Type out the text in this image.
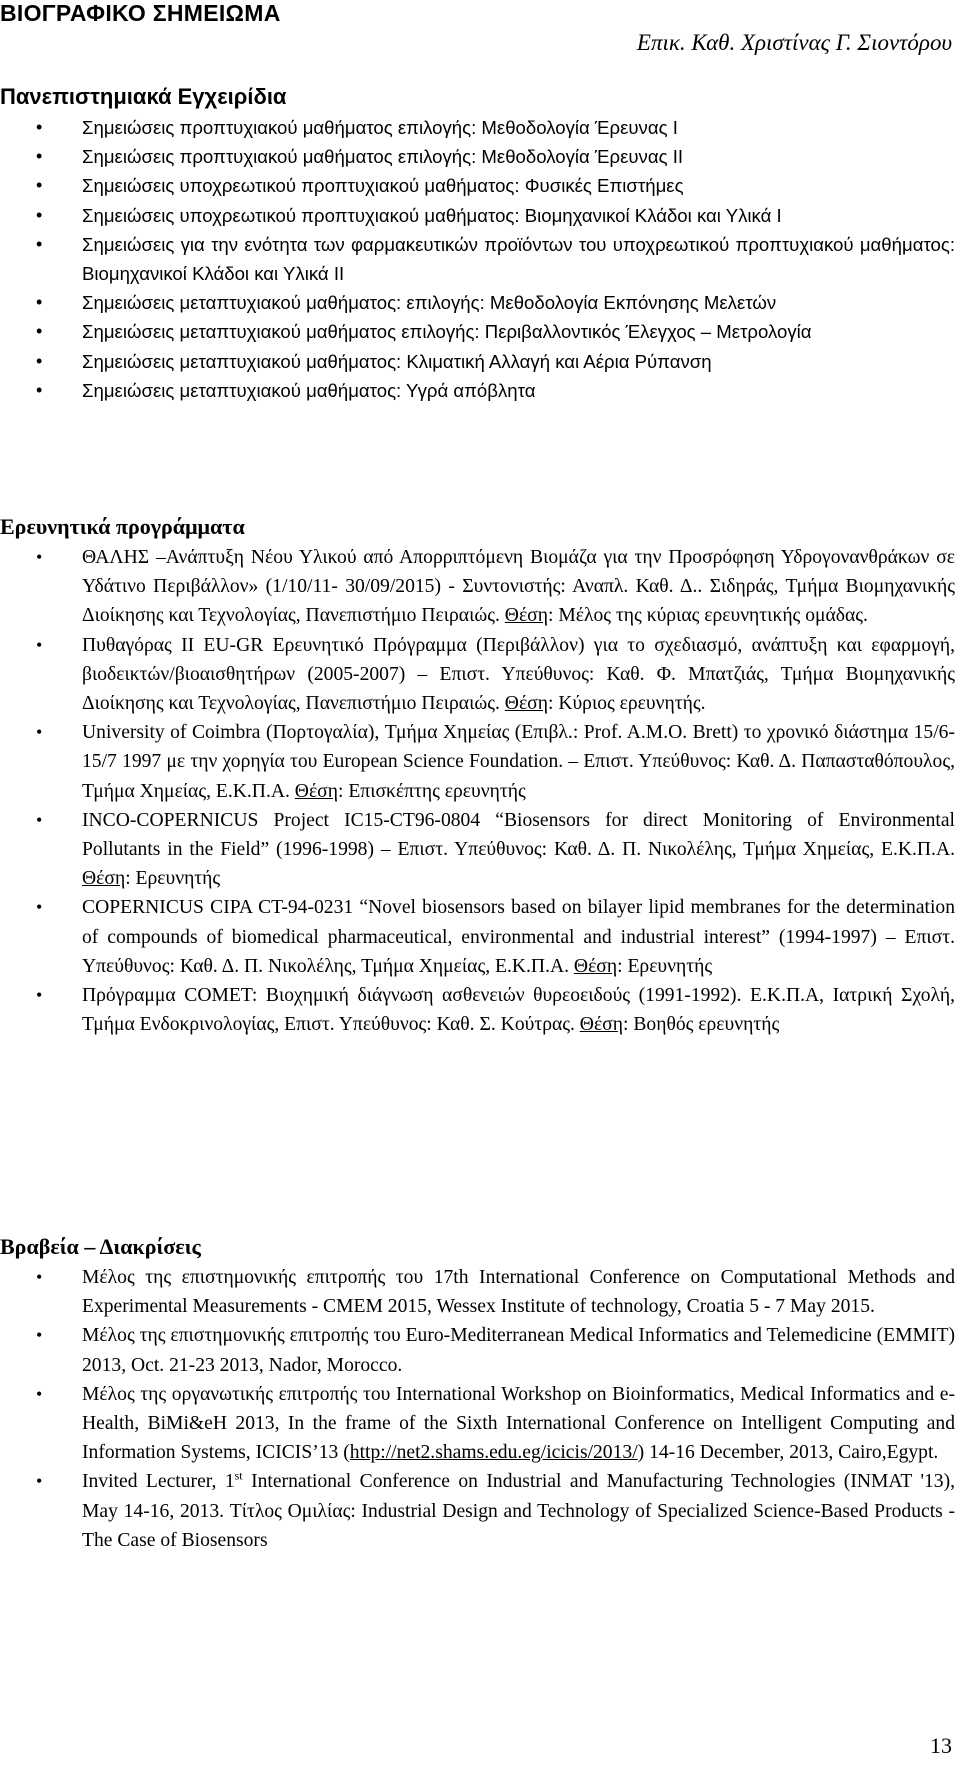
ΒΙΟΓΡΑΦΙΚΟ ΣΗΜΕΙΩΜΑ
Επικ. Καθ. Χριστίνας Γ. Σιοντόρου
Πανεπιστημιακά Εγχειρίδια
• Σημειώσεις προπτυχιακού μαθήματος επιλογής: Μεθοδολογία Έρευνας Ι
• Σημειώσεις προπτυχιακού μαθήματος επιλογής: Μεθοδολογία Έρευνας ΙΙ
• Σημειώσεις υποχρεωτικού προπτυχιακού μαθήματος: Φυσικές Επιστήμες
• Σημειώσεις υποχρεωτικού προπτυχιακού μαθήματος: Βιομηχανικοί Κλάδοι και Υλικά Ι
• Σημειώσεις για την ενότητα των φαρμακευτικών προϊόντων του υποχρεωτικού προπτυχιακού μαθήματος: Βιομηχανικοί Κλάδοι και Υλικά ΙΙ
• Σημειώσεις μεταπτυχιακού μαθήματος: επιλογής: Μεθοδολογία Εκπόνησης Μελετών
• Σημειώσεις μεταπτυχιακού μαθήματος επιλογής: Περιβαλλοντικός Έλεγχος – Μετρολογία
• Σημειώσεις μεταπτυχιακού μαθήματος: Κλιματική Αλλαγή και Αέρια Ρύπανση
• Σημειώσεις μεταπτυχιακού μαθήματος: Υγρά απόβλητα
Ερευνητικά προγράμματα
• ΘΑΛΗΣ –Ανάπτυξη Νέου Υλικού από Απορριπτόμενη Βιομάζα για την Προσρόφηση Υδρογονανθράκων σε Υδάτινο Περιβάλλον» (1/10/11- 30/09/2015) - Συντονιστής: Αναπλ. Καθ. Δ.. Σιδηράς, Τμήμα Βιομηχανικής Διοίκησης και Τεχνολογίας, Πανεπιστήμιο Πειραιώς. Θέση: Μέλος της κύριας ερευνητικής ομάδας.
• Πυθαγόρας ΙΙ EU-GR Ερευνητικό Πρόγραμμα (Περιβάλλον) για το σχεδιασμό, ανάπτυξη και εφαρμογή, βιοδεικτών/βιοαισθητήρων (2005-2007) – Επιστ. Υπεύθυνος: Καθ. Φ. Μπατζιάς, Τμήμα Βιομηχανικής Διοίκησης και Τεχνολογίας, Πανεπιστήμιο Πειραιώς. Θέση: Κύριος ερευνητής.
• University of Coimbra (Πορτογαλία), Τμήμα Χημείας (Επιβλ.: Prof. A.M.O. Brett) το χρονικό διάστημα 15/6-15/7 1997 με την χορηγία του European Science Foundation. – Επιστ. Υπεύθυνος: Καθ. Δ. Παπασταθόπουλος, Τμήμα Χημείας, Ε.Κ.Π.Α. Θέση: Επισκέπτης ερευνητής
• INCO-COPERNICUS Project IC15-CT96-0804 “Biosensors for direct Monitoring of Environmental Pollutants in the Field” (1996-1998) – Επιστ. Υπεύθυνος: Καθ. Δ. Π. Νικολέλης, Τμήμα Χημείας, Ε.Κ.Π.Α. Θέση: Ερευνητής
• COPERNICUS CIPA CT-94-0231 “Novel biosensors based on bilayer lipid membranes for the determination of compounds of biomedical pharmaceutical, environmental and industrial interest” (1994-1997) – Επιστ. Υπεύθυνος: Καθ. Δ. Π. Νικολέλης, Τμήμα Χημείας, Ε.Κ.Π.Α. Θέση: Ερευνητής
• Πρόγραμμα COMET: Βιοχημική διάγνωση ασθενειών θυρεοειδούς (1991-1992). Ε.Κ.Π.Α, Ιατρική Σχολή, Τμήμα Ενδοκρινολογίας, Επιστ. Υπεύθυνος: Καθ. Σ. Κούτρας. Θέση: Βοηθός ερευνητής
Βραβεία – Διακρίσεις
• Μέλος της επιστημονικής επιτροπής του 17th International Conference on Computational Methods and Experimental Measurements - CMEM 2015, Wessex Institute of technology, Croatia 5 - 7 May 2015.
• Μέλος της επιστημονικής επιτροπής του Euro-Mediterranean Medical Informatics and Telemedicine (EMMIT) 2013, Oct. 21-23 2013, Nador, Morocco.
• Μέλος της οργανωτικής επιτροπής του International Workshop on Bioinformatics, Medical Informatics and e-Health, BiMi&eH 2013, In the frame of the Sixth International Conference on Intelligent Computing and Information Systems, ICICIS’13 (http://net2.shams.edu.eg/icicis/2013/) 14-16 December, 2013, Cairo,Egypt.
• Invited Lecturer, 1st International Conference on Industrial and Manufacturing Technologies (INMAT '13), May 14-16, 2013. Τίτλος Ομιλίας: Industrial Design and Technology of Specialized Science-Based Products - The Case of Biosensors
13
